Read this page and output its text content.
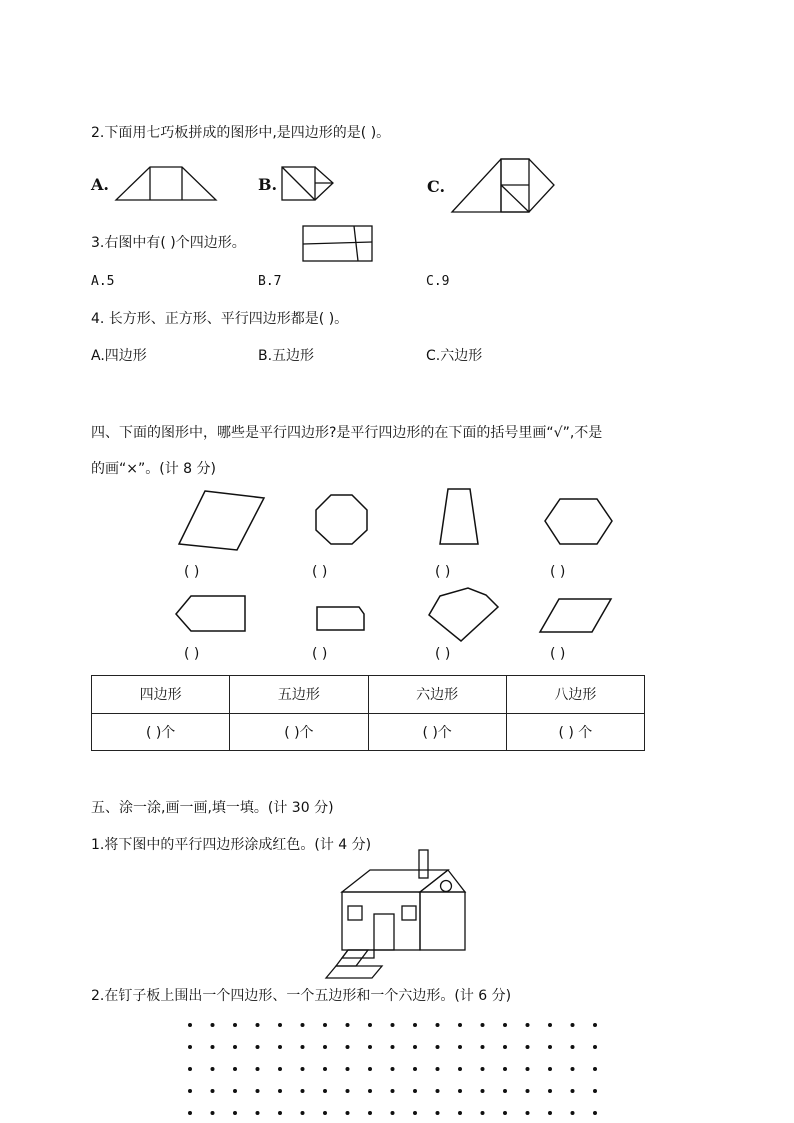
2.下面用七巧板拼成的图形中,是四边形的是( )。
A.	B.	C.
3.右图中有( )个四边形。
A.5	B.7	C.9
4. 长方形、正方形、平行四边形都是( )。
A.四边形	B.五边形	C.六边形
四、下面的图形中，哪些是平行四边形?是平行四边形的在下面的括号里画“√”,不是
的画“×”。(计 8 分)
( )	( )	( )	( )
( )	( )	( )	( )
四边形	五边形	六边形	八边形
( )个	( )个	( )个	( ) 个
五、涂一涂,画一画,填一填。(计 30 分)
1.将下图中的平行四边形涂成红色。(计 4 分)
2.在钉子板上围出一个四边形、一个五边形和一个六边形。(计 6 分)
